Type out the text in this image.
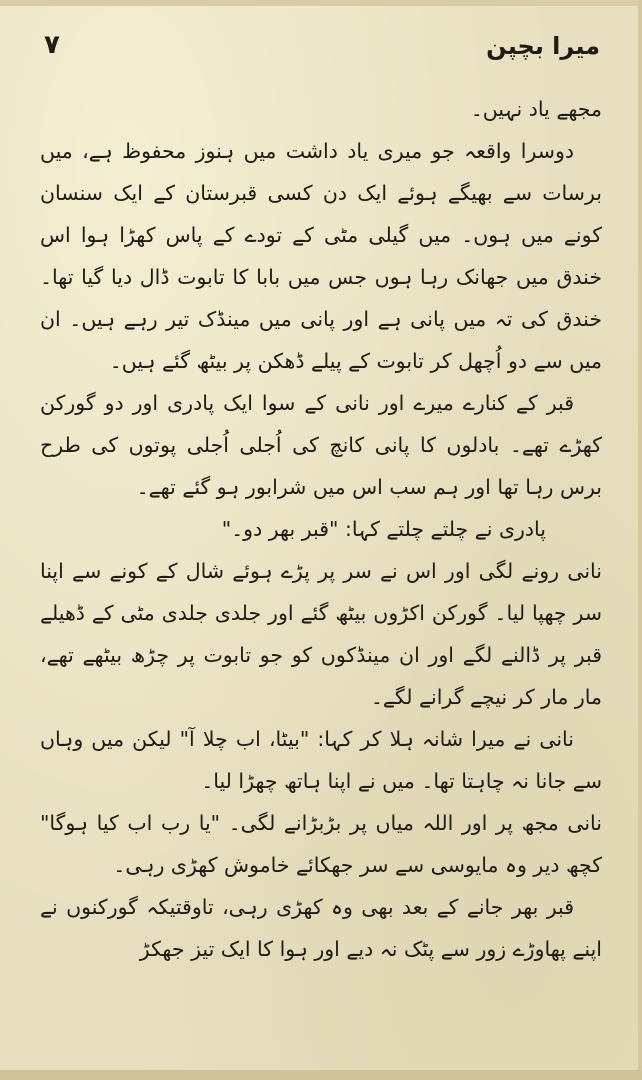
۷	میرا بچپن

مجھے یاد نہیں۔

دوسرا واقعہ جو میری یاد داشت میں ہنوز محفوظ ہے، میں برسات سے بھیگے ہوئے ایک دن کسی قبرستان کے ایک سنسان کونے میں ہوں۔ میں گیلی مٹی کے تودے کے پاس کھڑا ہوا اس خندق میں جھانک رہا ہوں جس میں بابا کا تابوت ڈال دیا گیا تھا۔ خندق کی تہ میں پانی ہے اور پانی میں مینڈک تیر رہے ہیں۔ ان میں سے دو اُچھل کر تابوت کے پیلے ڈھکن پر بیٹھ گئے ہیں۔

قبر کے کنارے میرے اور نانی کے سوا ایک پادری اور دو گورکن کھڑے تھے۔ بادلوں کا پانی کانچ کی اُجلی اُجلی پوتوں کی طرح برس رہا تھا اور ہم سب اس میں شرابور ہو گئے تھے۔

پادری نے چلتے چلتے کہا: "قبر بھر دو۔"

نانی رونے لگی اور اس نے سر پر پڑے ہوئے شال کے کونے سے اپنا سر چھپا لیا۔ گورکن اکڑوں بیٹھ گئے اور جلدی جلدی مٹی کے ڈھیلے قبر پر ڈالنے لگے اور ان مینڈکوں کو جو تابوت پر چڑھ بیٹھے تھے، مار مار کر نیچے گرانے لگے۔

نانی نے میرا شانہ ہلا کر کہا: "بیٹا، اب چلا آ" لیکن میں وہاں سے جانا نہ چاہتا تھا۔ میں نے اپنا ہاتھ چھڑا لیا۔

نانی مجھ پر اور اللہ میاں پر بڑبڑانے لگی۔ "یا رب اب کیا ہوگا" کچھ دیر وہ مایوسی سے سر جھکائے خاموش کھڑی رہی۔

قبر بھر جانے کے بعد بھی وہ کھڑی رہی، تاوقتیکہ گورکنوں نے اپنے پھاوڑے زور سے پٹک نہ دیے اور ہوا کا ایک تیز جھکڑ
